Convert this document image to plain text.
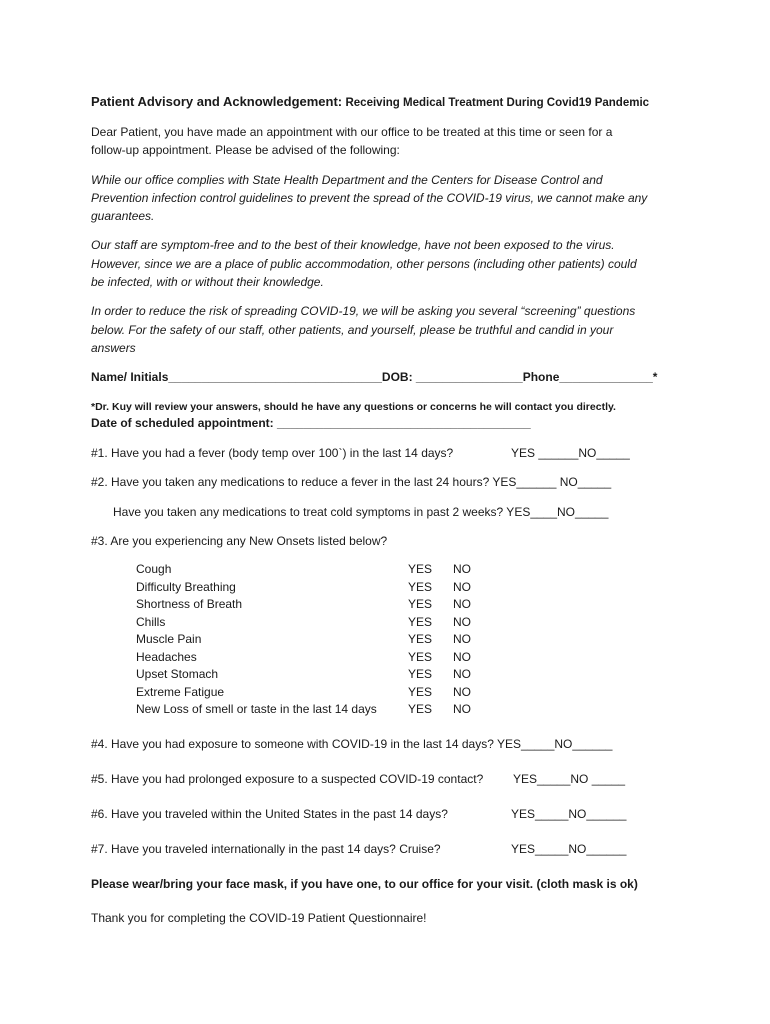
Patient Advisory and Acknowledgement: Receiving Medical Treatment During Covid19 Pandemic
Dear Patient, you have made an appointment with our office to be treated at this time or seen for a
follow-up appointment. Please be advised of the following:
While our office complies with State Health Department and the Centers for Disease Control and
Prevention infection control guidelines to prevent the spread of the COVID-19 virus, we cannot make any
guarantees.
Our staff are symptom-free and to the best of their knowledge, have not been exposed to the virus.
However, since we are a place of public accommodation, other persons (including other patients) could
be infected, with or without their knowledge.
In order to reduce the risk of spreading COVID-19, we will be asking you several “screening” questions
below. For the safety of our staff, other patients, and yourself, please be truthful and candid in your
answers
Name/ Initials________________________________DOB: ________________Phone______________*
*Dr. Kuy will review your answers, should he have any questions or concerns he will contact you directly.
Date of scheduled appointment: ______________________________________
#1. Have you had a fever (body temp over 100`) in the last 14 days?	YES ______NO_____
#2. Have you taken any medications to reduce a fever in the last 24 hours? YES______ NO_____
Have you taken any medications to treat cold symptoms in past 2 weeks? YES____NO_____
#3. Are you experiencing any New Onsets listed below?
Cough	YES NO
Difficulty Breathing	YES NO
Shortness of Breath	YES NO
Chills	YES NO
Muscle Pain	YES NO
Headaches	YES NO
Upset Stomach	YES NO
Extreme Fatigue	YES NO
New Loss of smell or taste in the last 14 days	YES NO
#4. Have you had exposure to someone with COVID-19 in the last 14 days? YES_____NO______
#5. Have you had prolonged exposure to a suspected COVID-19 contact? YES_____NO _____
#6. Have you traveled within the United States in the past 14 days?	YES_____NO______
#7. Have you traveled internationally in the past 14 days? Cruise?	YES_____NO______
Please wear/bring your face mask, if you have one, to our office for your visit. (cloth mask is ok)
Thank you for completing the COVID-19 Patient Questionnaire!
